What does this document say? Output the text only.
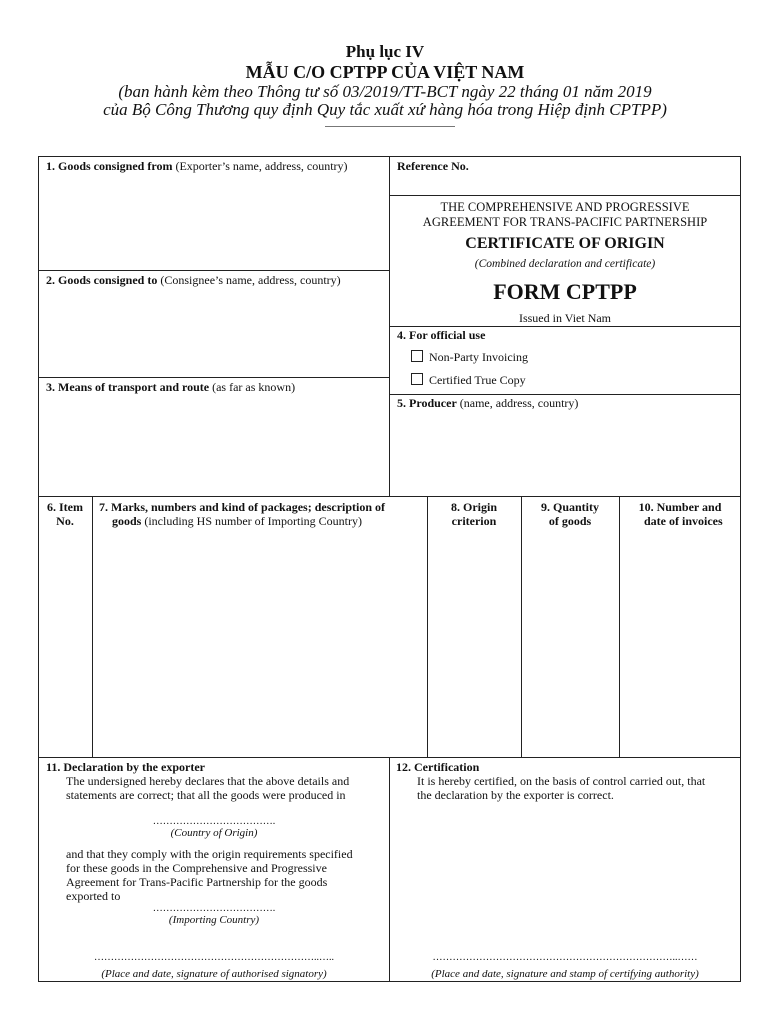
Phụ lục IV
MẪU C/O CPTPP CỦA VIỆT NAM
(ban hành kèm theo Thông tư số 03/2019/TT-BCT ngày 22 tháng 01 năm 2019
của Bộ Công Thương quy định Quy tắc xuất xứ hàng hóa trong Hiệp định CPTPP)
1. Goods consigned from (Exporter’s name, address, country)
2. Goods consigned to (Consignee’s name, address, country)
3. Means of transport and route (as far as known)
Reference No.
THE COMPREHENSIVE AND PROGRESSIVE
AGREEMENT FOR TRANS-PACIFIC PARTNERSHIP
CERTIFICATE OF ORIGIN
(Combined declaration and certificate)
FORM CPTPP
Issued in Viet Nam
4. For official use
Non-Party Invoicing
Certified True Copy
5. Producer (name, address, country)
6. Item
No.
7. Marks, numbers and kind of packages; description of
goods (including HS number of Importing Country)
8. Origin
criterion
9. Quantity
of goods
10. Number and
date of invoices
11. Declaration by the exporter
The undersigned hereby declares that the above details and
statements are correct; that all the goods were produced in
……………………………….
(Country of Origin)
and that they comply with the origin requirements specified
for these goods in the Comprehensive and Progressive
Agreement for Trans-Pacific Partnership for the goods
exported to
……………………………….
(Importing Country)
…………………………………………………………..…..
(Place and date, signature of authorised signatory)
12. Certification
It is hereby certified, on the basis of control carried out, that
the declaration by the exporter is correct.
………………………………………………………………..……
(Place and date, signature and stamp of certifying authority)
